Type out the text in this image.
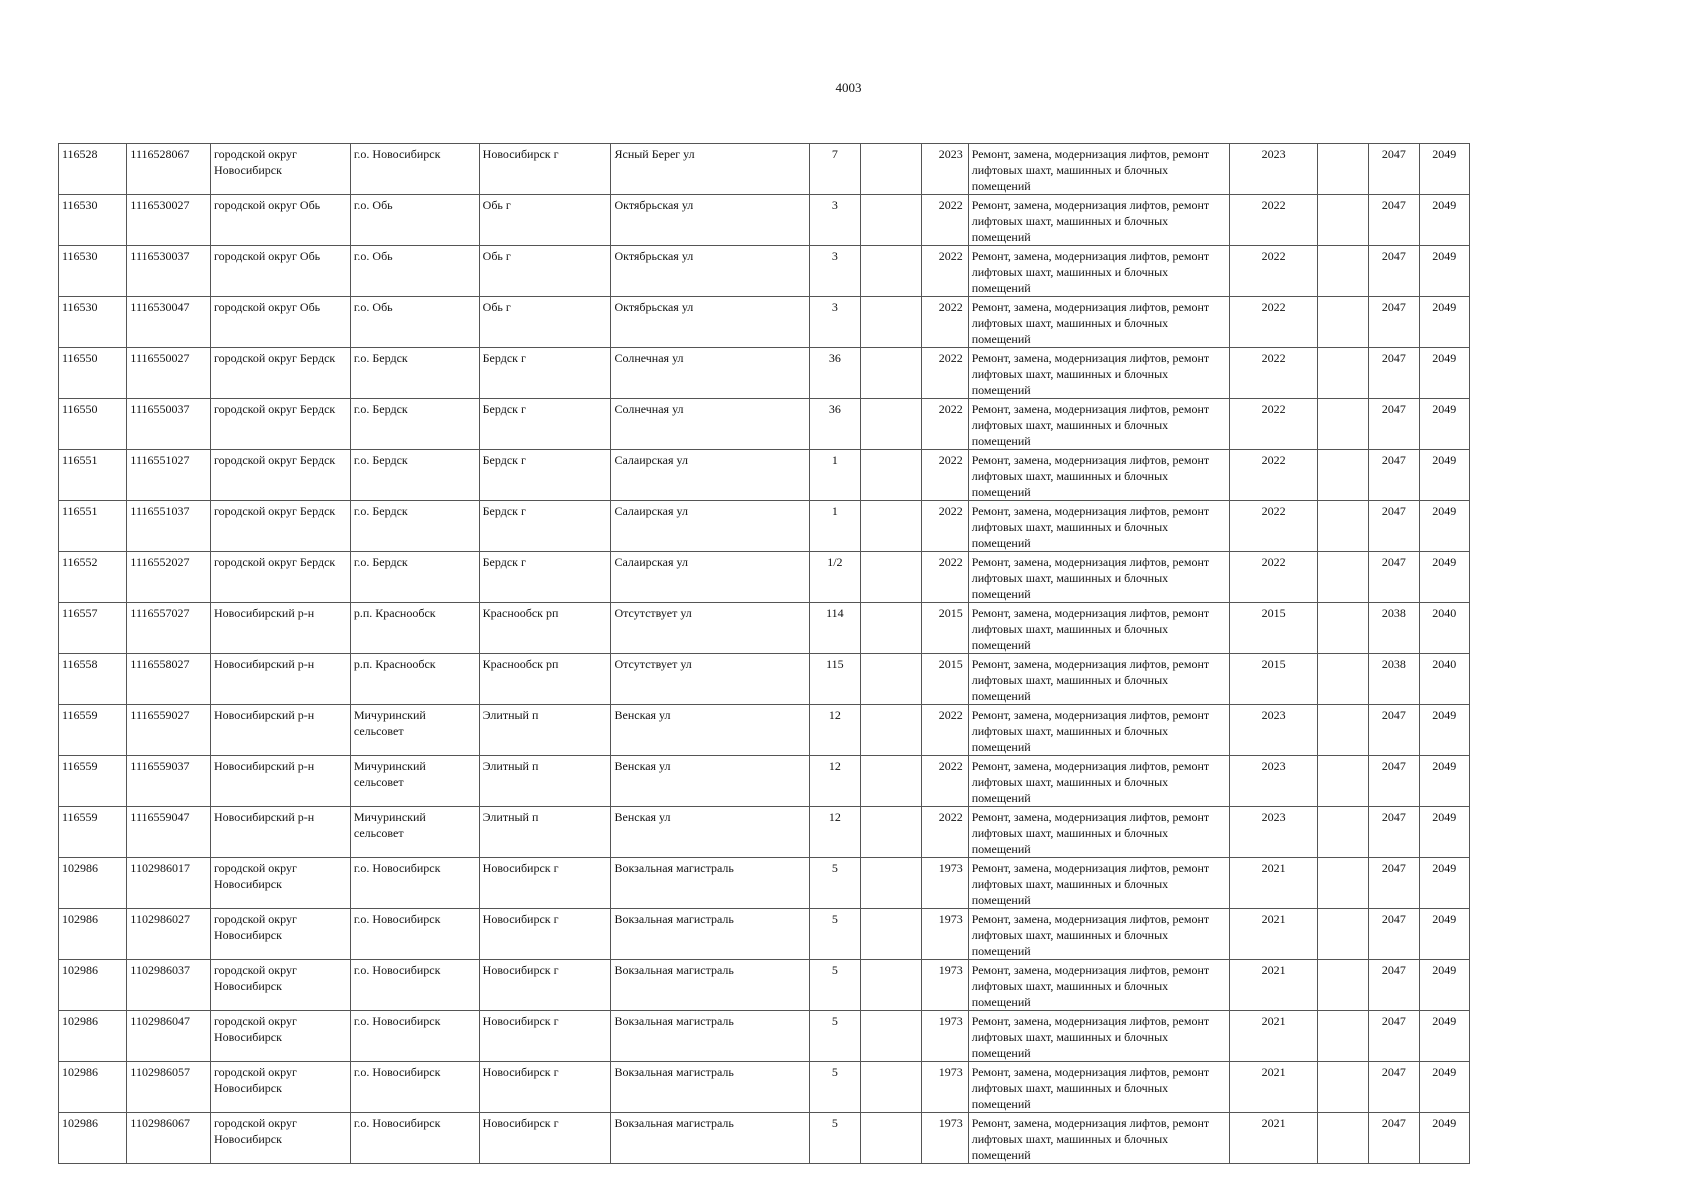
4003
116528	1116528067	городской округ Новосибирск	г.о. Новосибирск	Новосибирск г	Ясный Берег ул	7		2023	Ремонт, замена, модернизация лифтов, ремонт лифтовых шахт, машинных и блочных помещений	2023		2047	2049
116530	1116530027	городской округ Обь	г.о. Обь	Обь г	Октябрьская ул	3		2022	Ремонт, замена, модернизация лифтов, ремонт лифтовых шахт, машинных и блочных помещений	2022		2047	2049
116530	1116530037	городской округ Обь	г.о. Обь	Обь г	Октябрьская ул	3		2022	Ремонт, замена, модернизация лифтов, ремонт лифтовых шахт, машинных и блочных помещений	2022		2047	2049
116530	1116530047	городской округ Обь	г.о. Обь	Обь г	Октябрьская ул	3		2022	Ремонт, замена, модернизация лифтов, ремонт лифтовых шахт, машинных и блочных помещений	2022		2047	2049
116550	1116550027	городской округ Бердск	г.о. Бердск	Бердск г	Солнечная ул	36		2022	Ремонт, замена, модернизация лифтов, ремонт лифтовых шахт, машинных и блочных помещений	2022		2047	2049
116550	1116550037	городской округ Бердск	г.о. Бердск	Бердск г	Солнечная ул	36		2022	Ремонт, замена, модернизация лифтов, ремонт лифтовых шахт, машинных и блочных помещений	2022		2047	2049
116551	1116551027	городской округ Бердск	г.о. Бердск	Бердск г	Салаирская ул	1		2022	Ремонт, замена, модернизация лифтов, ремонт лифтовых шахт, машинных и блочных помещений	2022		2047	2049
116551	1116551037	городской округ Бердск	г.о. Бердск	Бердск г	Салаирская ул	1		2022	Ремонт, замена, модернизация лифтов, ремонт лифтовых шахт, машинных и блочных помещений	2022		2047	2049
116552	1116552027	городской округ Бердск	г.о. Бердск	Бердск г	Салаирская ул	1/2		2022	Ремонт, замена, модернизация лифтов, ремонт лифтовых шахт, машинных и блочных помещений	2022		2047	2049
116557	1116557027	Новосибирский р-н	р.п. Краснообск	Краснообск рп	Отсутствует ул	114		2015	Ремонт, замена, модернизация лифтов, ремонт лифтовых шахт, машинных и блочных помещений	2015		2038	2040
116558	1116558027	Новосибирский р-н	р.п. Краснообск	Краснообск рп	Отсутствует ул	115		2015	Ремонт, замена, модернизация лифтов, ремонт лифтовых шахт, машинных и блочных помещений	2015		2038	2040
116559	1116559027	Новосибирский р-н	Мичуринский сельсовет	Элитный п	Венская ул	12		2022	Ремонт, замена, модернизация лифтов, ремонт лифтовых шахт, машинных и блочных помещений	2023		2047	2049
116559	1116559037	Новосибирский р-н	Мичуринский сельсовет	Элитный п	Венская ул	12		2022	Ремонт, замена, модернизация лифтов, ремонт лифтовых шахт, машинных и блочных помещений	2023		2047	2049
116559	1116559047	Новосибирский р-н	Мичуринский сельсовет	Элитный п	Венская ул	12		2022	Ремонт, замена, модернизация лифтов, ремонт лифтовых шахт, машинных и блочных помещений	2023		2047	2049
102986	1102986017	городской округ Новосибирск	г.о. Новосибирск	Новосибирск г	Вокзальная магистраль	5		1973	Ремонт, замена, модернизация лифтов, ремонт лифтовых шахт, машинных и блочных помещений	2021		2047	2049
102986	1102986027	городской округ Новосибирск	г.о. Новосибирск	Новосибирск г	Вокзальная магистраль	5		1973	Ремонт, замена, модернизация лифтов, ремонт лифтовых шахт, машинных и блочных помещений	2021		2047	2049
102986	1102986037	городской округ Новосибирск	г.о. Новосибирск	Новосибирск г	Вокзальная магистраль	5		1973	Ремонт, замена, модернизация лифтов, ремонт лифтовых шахт, машинных и блочных помещений	2021		2047	2049
102986	1102986047	городской округ Новосибирск	г.о. Новосибирск	Новосибирск г	Вокзальная магистраль	5		1973	Ремонт, замена, модернизация лифтов, ремонт лифтовых шахт, машинных и блочных помещений	2021		2047	2049
102986	1102986057	городской округ Новосибирск	г.о. Новосибирск	Новосибирск г	Вокзальная магистраль	5		1973	Ремонт, замена, модернизация лифтов, ремонт лифтовых шахт, машинных и блочных помещений	2021		2047	2049
102986	1102986067	городской округ Новосибирск	г.о. Новосибирск	Новосибирск г	Вокзальная магистраль	5		1973	Ремонт, замена, модернизация лифтов, ремонт лифтовых шахт, машинных и блочных помещений	2021		2047	2049
